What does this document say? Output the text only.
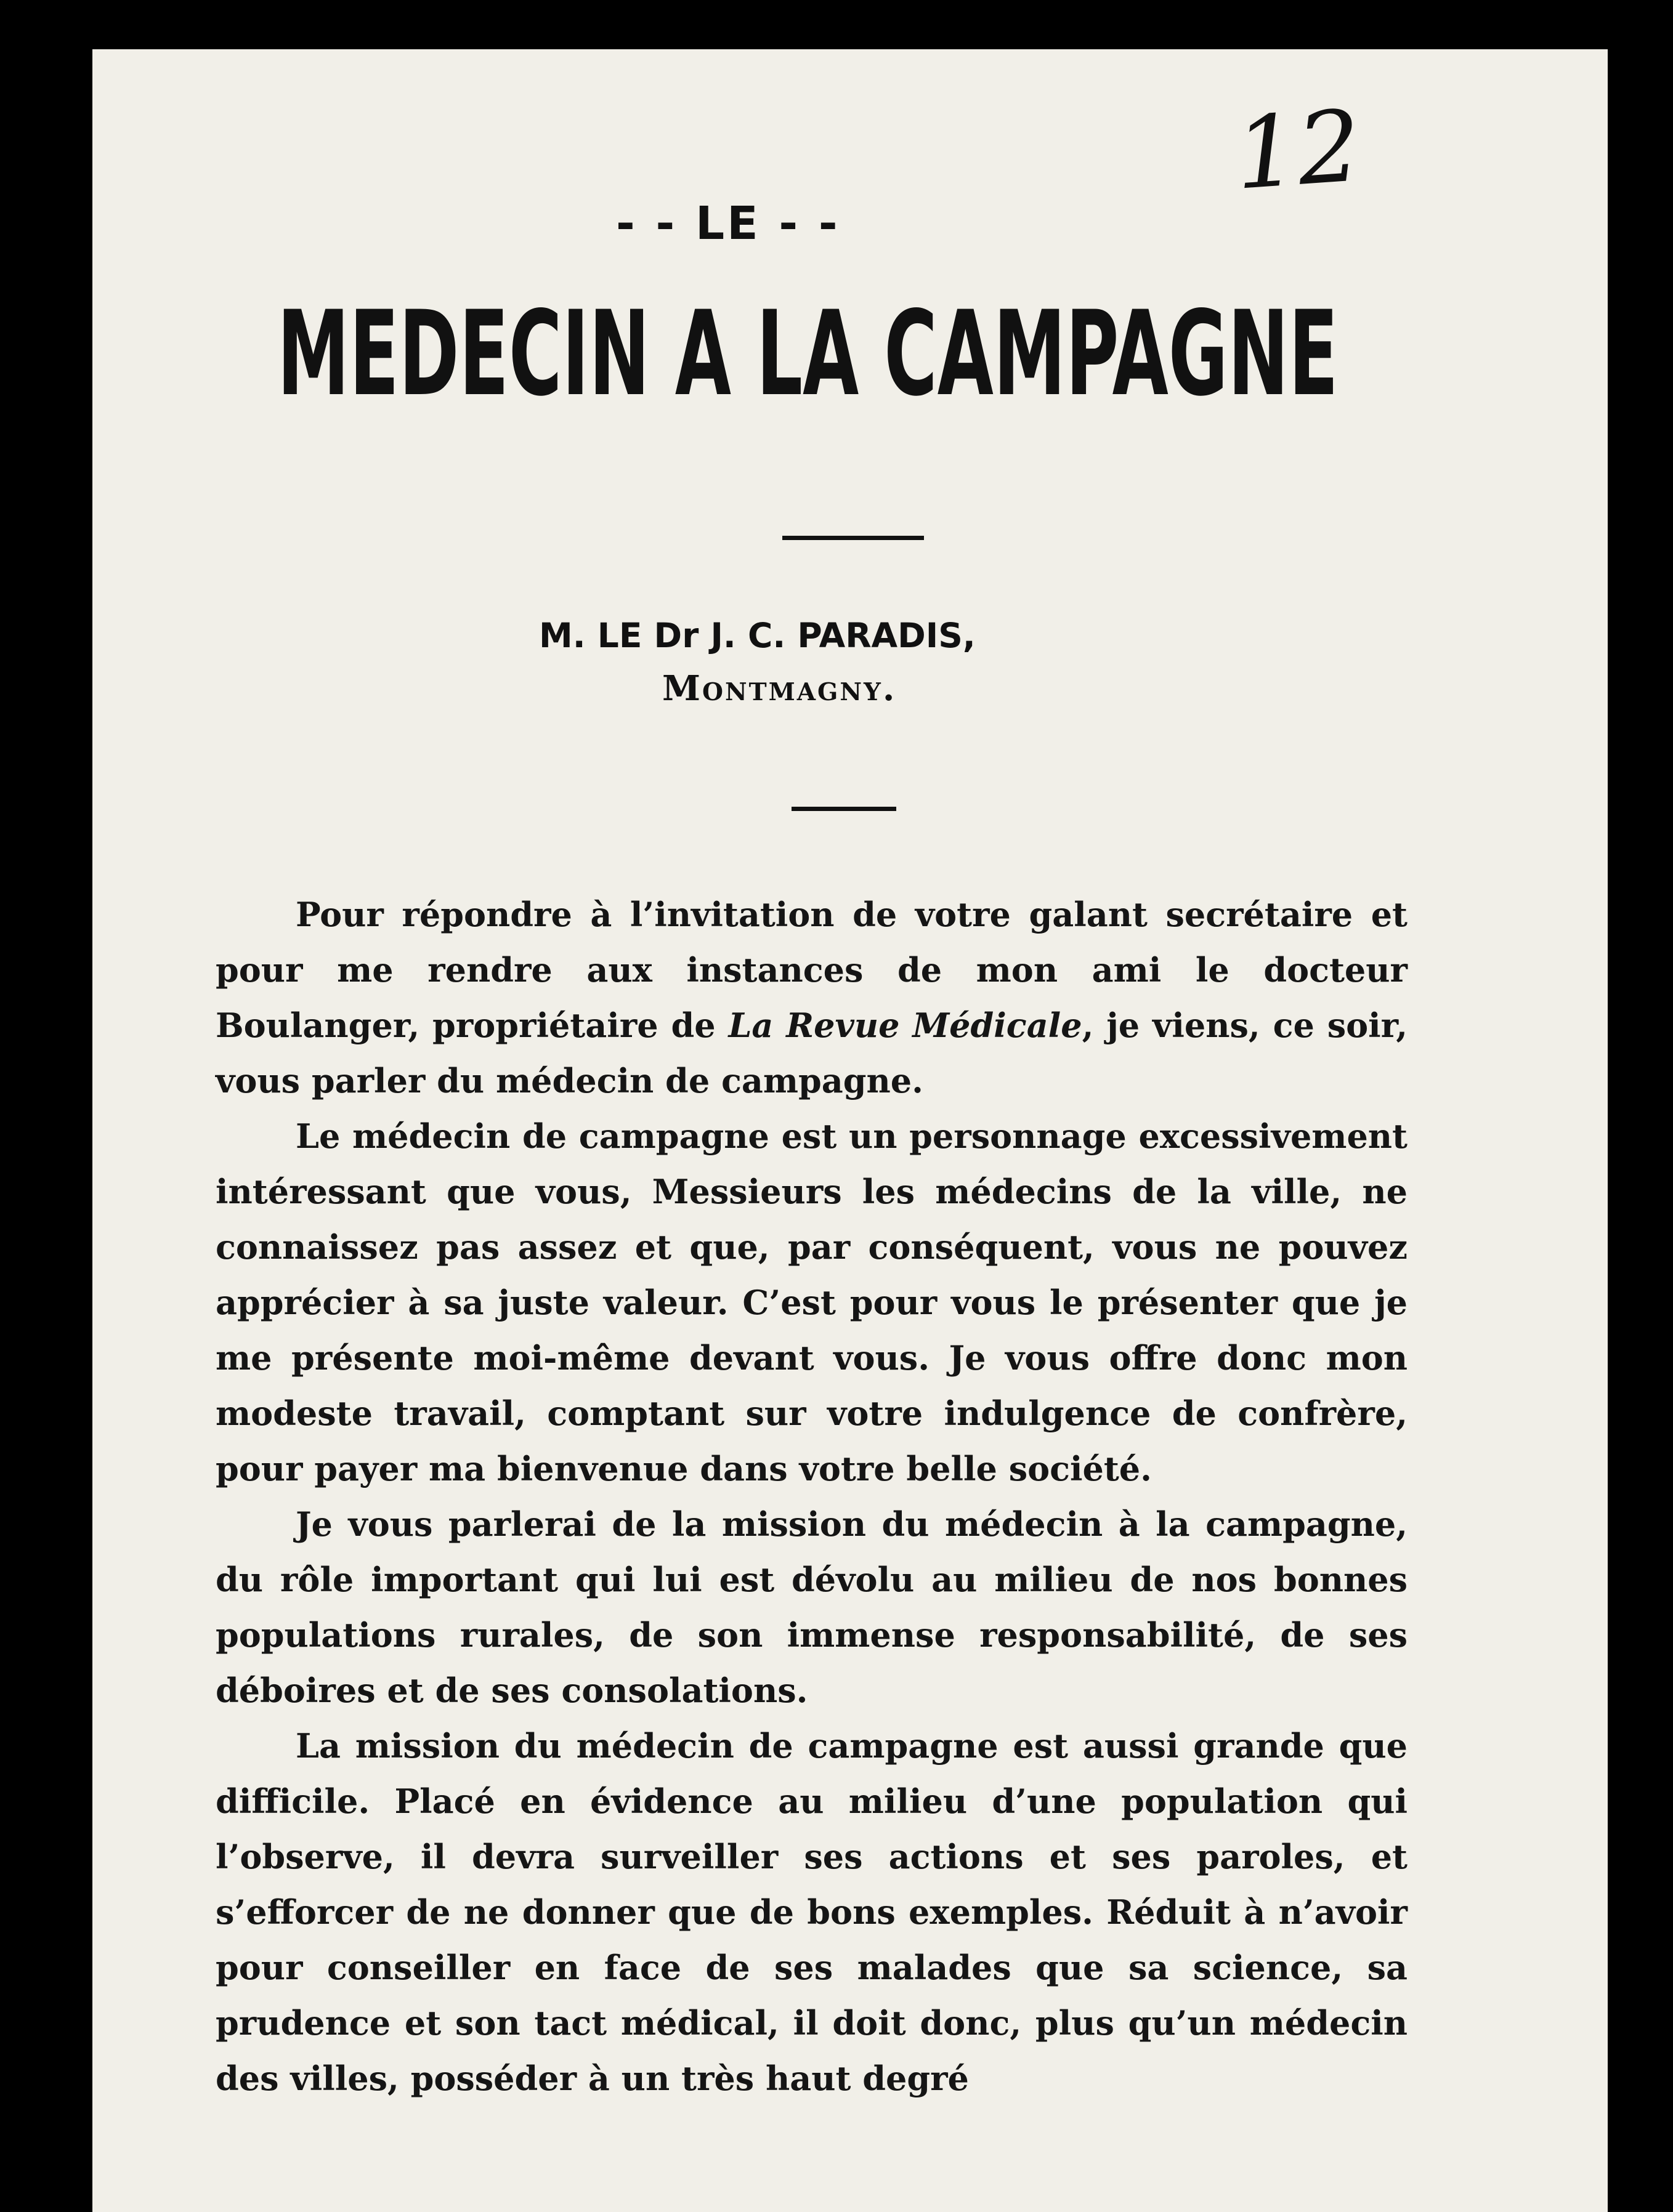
12
- - LE - -
MEDECIN A LA CAMPAGNE
M. LE Dr J. C. PARADIS,
Montmagny.

Pour répondre à l’invitation de votre galant secrétaire et pour me rendre aux instances de mon ami le docteur Boulanger, propriétaire de La Revue Médicale, je viens, ce soir, vous parler du médecin de campagne.

Le médecin de campagne est un personnage excessivement intéressant que vous, Messieurs les médecins de la ville, ne connaissez pas assez et que, par conséquent, vous ne pouvez apprécier à sa juste valeur. C’est pour vous le présenter que je me présente moi-même devant vous. Je vous offre donc mon modeste travail, comptant sur votre indulgence de confrère, pour payer ma bienvenue dans votre belle société.

Je vous parlerai de la mission du médecin à la campagne, du rôle important qui lui est dévolu au milieu de nos bonnes populations rurales, de son immense responsabilité, de ses déboires et de ses consolations.

La mission du médecin de campagne est aussi grande que difficile. Placé en évidence au milieu d’une population qui l’observe, il devra surveiller ses actions et ses paroles, et s’efforcer de ne donner que de bons exemples. Réduit à n’avoir pour conseiller en face de ses malades que sa science, sa prudence et son tact médical, il doit donc, plus qu’un médecin des villes, posséder à un très haut degré
